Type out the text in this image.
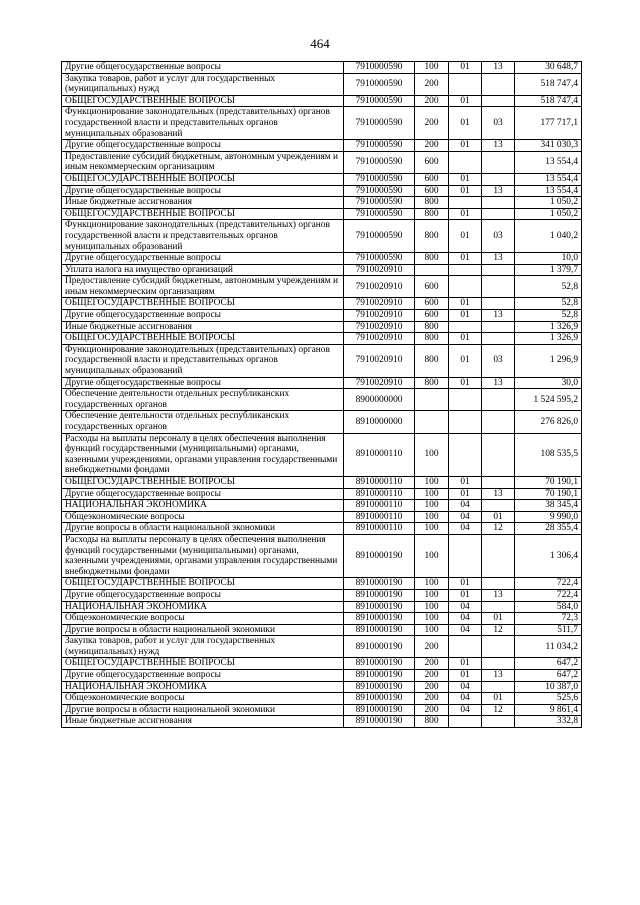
464
Другие общегосударственные вопросы	7910000590	100	01	13	30 648,7
Закупка товаров, работ и услуг для государственных (муниципальных) нужд	7910000590	200			518 747,4
ОБЩЕГОСУДАРСТВЕННЫЕ ВОПРОСЫ	7910000590	200	01		518 747,4
Функционирование законодательных (представительных) органов государственной власти и представительных органов муниципальных образований	7910000590	200	01	03	177 717,1
Другие общегосударственные вопросы	7910000590	200	01	13	341 030,3
Предоставление субсидий бюджетным, автономным учреждениям и иным некоммерческим организациям	7910000590	600			13 554,4
ОБЩЕГОСУДАРСТВЕННЫЕ ВОПРОСЫ	7910000590	600	01		13 554,4
Другие общегосударственные вопросы	7910000590	600	01	13	13 554,4
Иные бюджетные ассигнования	7910000590	800			1 050,2
ОБЩЕГОСУДАРСТВЕННЫЕ ВОПРОСЫ	7910000590	800	01		1 050,2
Функционирование законодательных (представительных) органов государственной власти и представительных органов муниципальных образований	7910000590	800	01	03	1 040,2
Другие общегосударственные вопросы	7910000590	800	01	13	10,0
Уплата налога на имущество организаций	7910020910				1 379,7
Предоставление субсидий бюджетным, автономным учреждениям и иным некоммерческим организациям	7910020910	600			52,8
ОБЩЕГОСУДАРСТВЕННЫЕ ВОПРОСЫ	7910020910	600	01		52,8
Другие общегосударственные вопросы	7910020910	600	01	13	52,8
Иные бюджетные ассигнования	7910020910	800			1 326,9
ОБЩЕГОСУДАРСТВЕННЫЕ ВОПРОСЫ	7910020910	800	01		1 326,9
Функционирование законодательных (представительных) органов государственной власти и представительных органов муниципальных образований	7910020910	800	01	03	1 296,9
Другие общегосударственные вопросы	7910020910	800	01	13	30,0
Обеспечение деятельности отдельных республиканских государственных органов	8900000000				1 524 595,2
Обеспечение деятельности отдельных республиканских государственных органов	8910000000				276 826,0
Расходы на выплаты персоналу в целях обеспечения выполнения функций государственными (муниципальными) органами, казенными учреждениями, органами управления государственными внебюджетными фондами	8910000110	100			108 535,5
ОБЩЕГОСУДАРСТВЕННЫЕ ВОПРОСЫ	8910000110	100	01		70 190,1
Другие общегосударственные вопросы	8910000110	100	01	13	70 190,1
НАЦИОНАЛЬНАЯ ЭКОНОМИКА	8910000110	100	04		38 345,4
Общеэкономические вопросы	8910000110	100	04	01	9 990,0
Другие вопросы в области национальной экономики	8910000110	100	04	12	28 355,4
Расходы на выплаты персоналу в целях обеспечения выполнения функций государственными (муниципальными) органами, казенными учреждениями, органами управления государственными внебюджетными фондами	8910000190	100			1 306,4
ОБЩЕГОСУДАРСТВЕННЫЕ ВОПРОСЫ	8910000190	100	01		722,4
Другие общегосударственные вопросы	8910000190	100	01	13	722,4
НАЦИОНАЛЬНАЯ ЭКОНОМИКА	8910000190	100	04		584,0
Общеэкономические вопросы	8910000190	100	04	01	72,3
Другие вопросы в области национальной экономики	8910000190	100	04	12	511,7
Закупка товаров, работ и услуг для государственных (муниципальных) нужд	8910000190	200			11 034,2
ОБЩЕГОСУДАРСТВЕННЫЕ ВОПРОСЫ	8910000190	200	01		647,2
Другие общегосударственные вопросы	8910000190	200	01	13	647,2
НАЦИОНАЛЬНАЯ ЭКОНОМИКА	8910000190	200	04		10 387,0
Общеэкономические вопросы	8910000190	200	04	01	525,6
Другие вопросы в области национальной экономики	8910000190	200	04	12	9 861,4
Иные бюджетные ассигнования	8910000190	800			332,8
